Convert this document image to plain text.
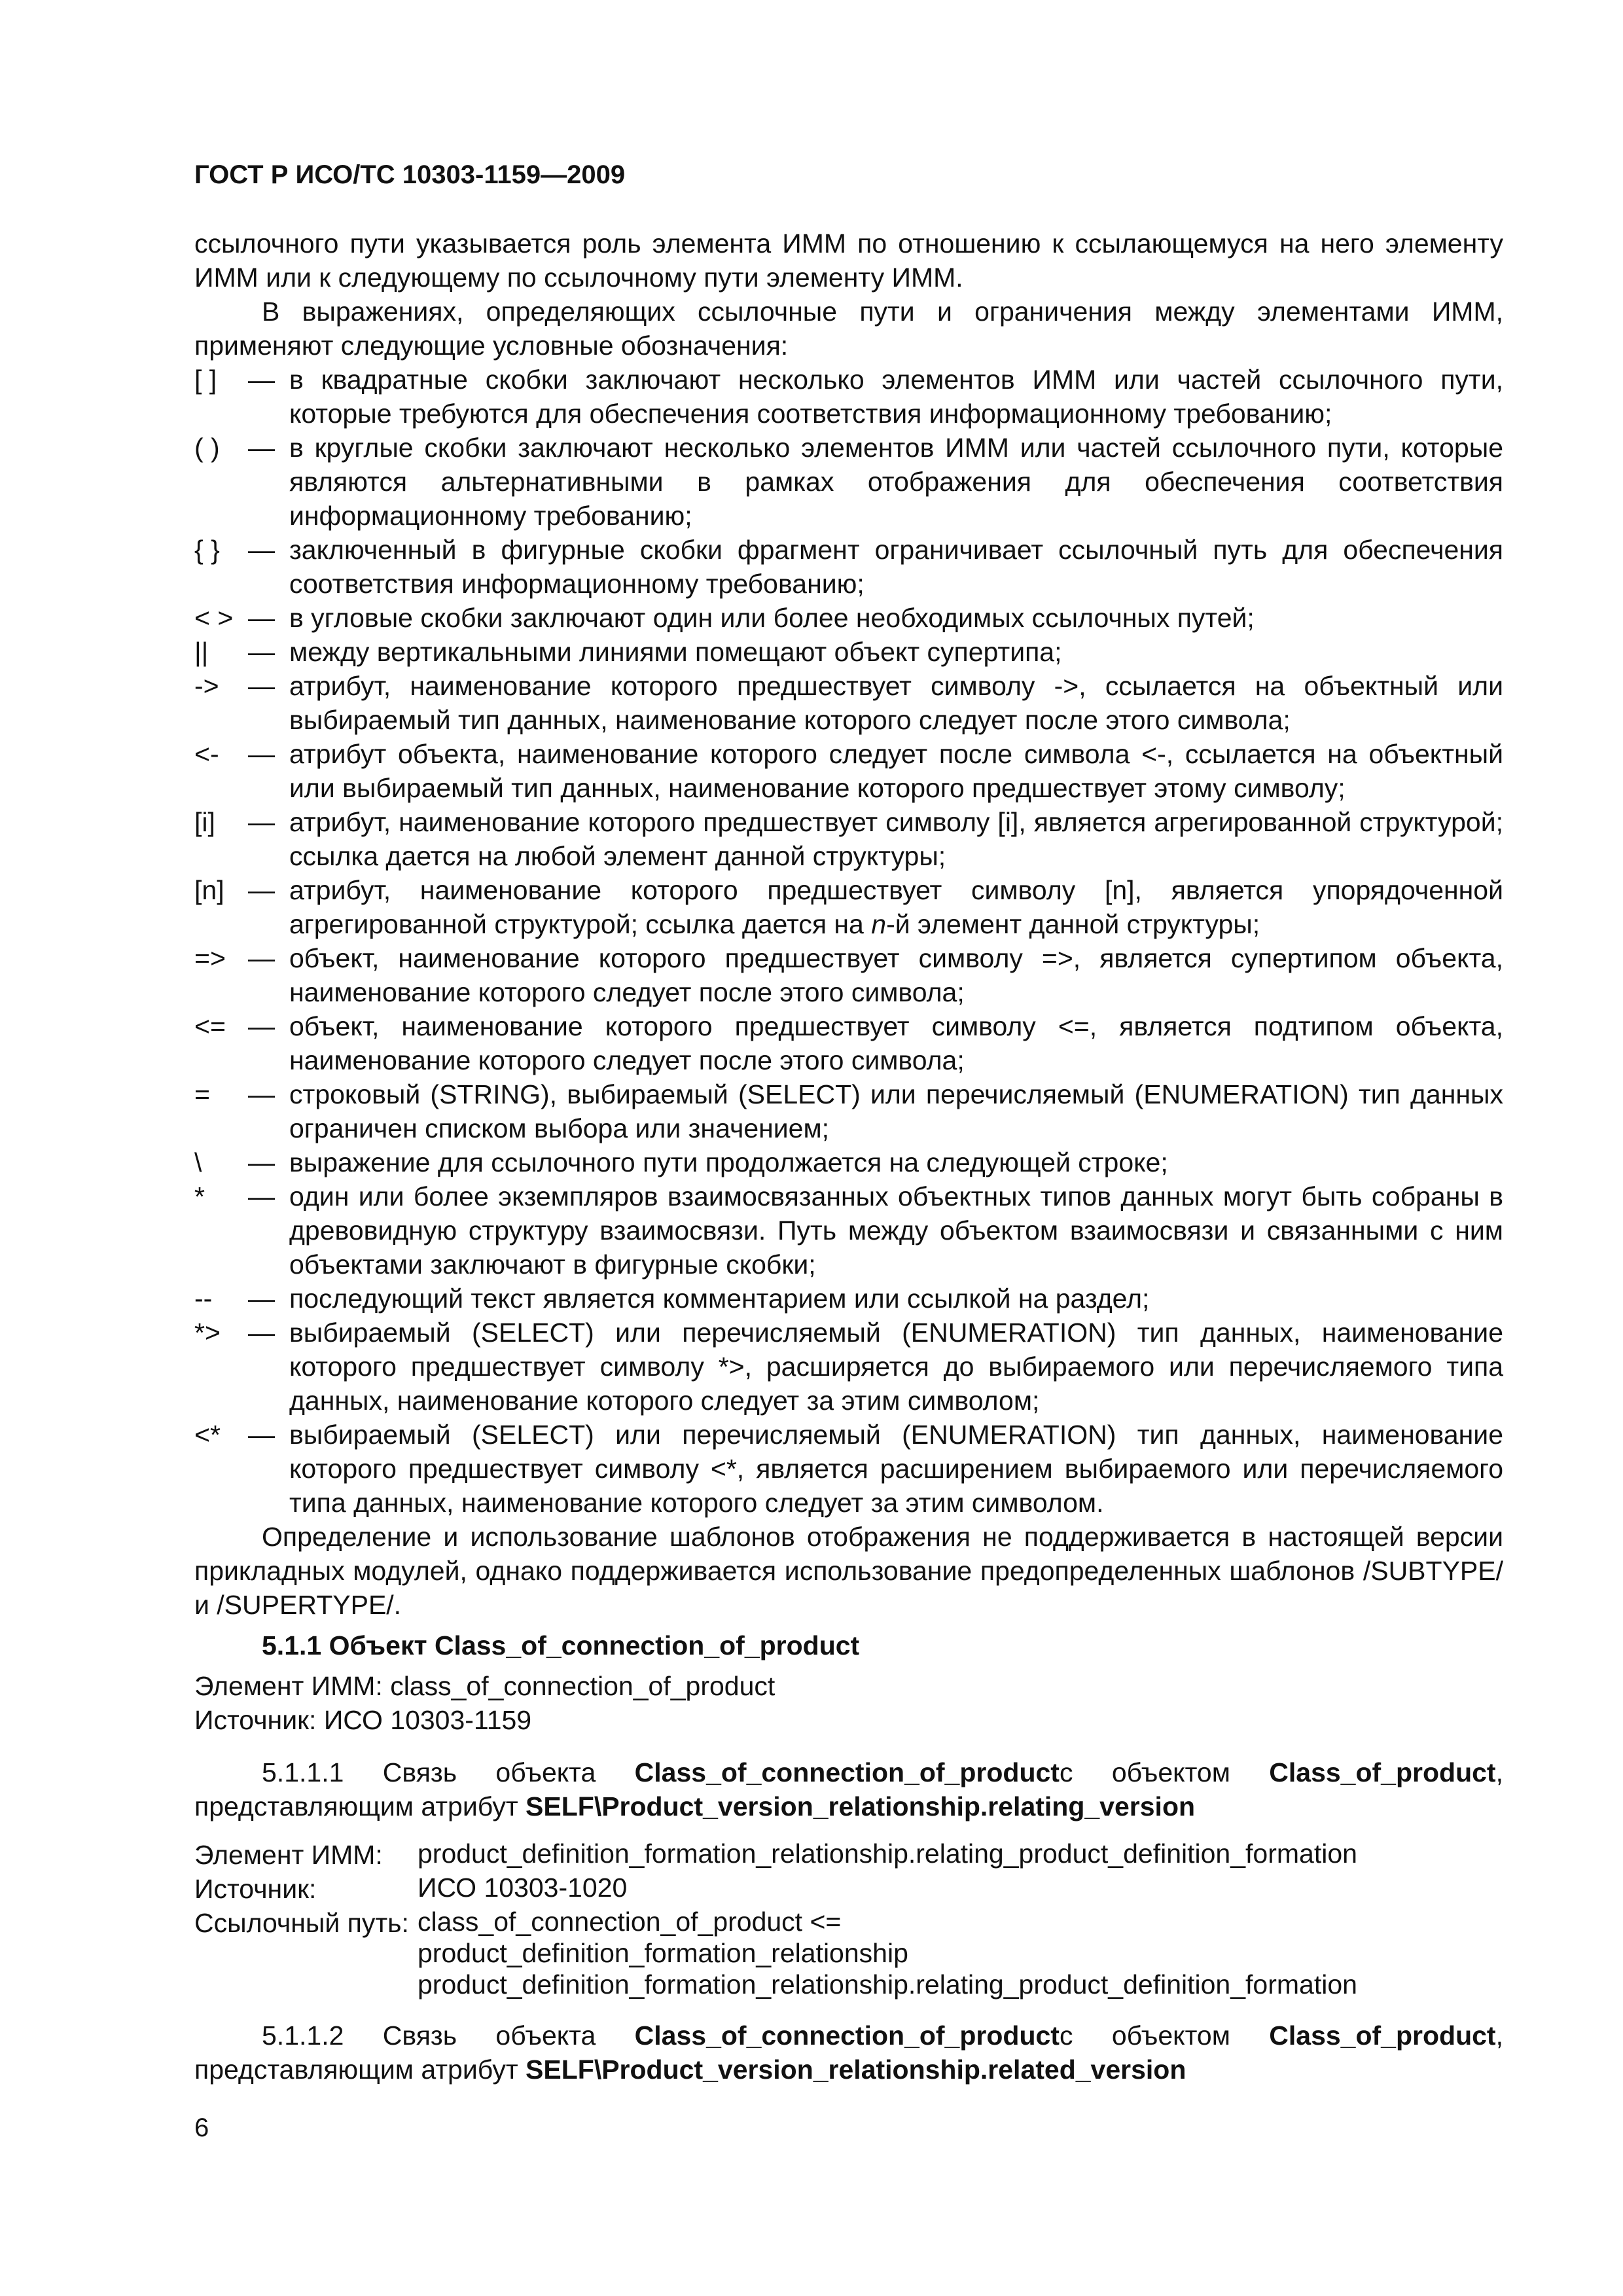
ГОСТ Р ИСО/ТС 10303-1159—2009

ссылочного пути указывается роль элемента ИММ по отношению к ссылающемуся на него элементу ИММ или к следующему по ссылочному пути элементу ИММ.

В выражениях, определяющих ссылочные пути и ограничения между элементами ИММ, применяют следующие условные обозначения:

[ ]	— в квадратные скобки заключают несколько элементов ИММ или частей ссылочного пути, которые требуются для обеспечения соответствия информационному требованию;
( )	— в круглые скобки заключают несколько элементов ИММ или частей ссылочного пути, которые являются альтернативными в рамках отображения для обеспечения соответствия информационному требованию;
{ }	— заключенный в фигурные скобки фрагмент ограничивает ссылочный путь для обеспечения соответствия информационному требованию;
< > — в угловые скобки заключают один или более необходимых ссылочных путей;
||	— между вертикальными линиями помещают объект супертипа;
->	— атрибут, наименование которого предшествует символу ->, ссылается на объектный или выбираемый тип данных, наименование которого следует после этого символа;
<-	— атрибут объекта, наименование которого следует после символа <-, ссылается на объектный или выбираемый тип данных, наименование которого предшествует этому символу;
[i]	— атрибут, наименование которого предшествует символу [i], является агрегированной структурой; ссылка дается на любой элемент данной структуры;
[n] — атрибут, наименование которого предшествует символу [n], является упорядоченной агрегированной структурой; ссылка дается на n-й элемент данной структуры;
=> — объект, наименование которого предшествует символу =>, является супертипом объекта, наименование которого следует после этого символа;
<= — объект, наименование которого предшествует символу <=, является подтипом объекта, наименование которого следует после этого символа;
=	— строковый (STRING), выбираемый (SELECT) или перечисляемый (ENUMERATION) тип данных ограничен списком выбора или значением;
\	— выражение для ссылочного пути продолжается на следующей строке;
*	— один или более экземпляров взаимосвязанных объектных типов данных могут быть собраны в древовидную структуру взаимосвязи. Путь между объектом взаимосвязи и связанными с ним объектами заключают в фигурные скобки;
--	— последующий текст является комментарием или ссылкой на раздел;
*>	— выбираемый (SELECT) или перечисляемый (ENUMERATION) тип данных, наименование которого предшествует символу *>, расширяется до выбираемого или перечисляемого типа данных, наименование которого следует за этим символом;
<*	— выбираемый (SELECT) или перечисляемый (ENUMERATION) тип данных, наименование которого предшествует символу <*, является расширением выбираемого или перечисляемого типа данных, наименование которого следует за этим символом.

Определение и использование шаблонов отображения не поддерживается в настоящей версии прикладных модулей, однако поддерживается использование предопределенных шаблонов /SUBTYPE/ и /SUPERTYPE/.

5.1.1 Объект Class_of_connection_of_product
Элемент ИММ: class_of_connection_of_product
Источник: ИСО 10303-1159

5.1.1.1 Связь объекта Class_of_connection_of_productс объектом Class_of_product, представляющим атрибут SELF\Product_version_relationship.relating_version

Элемент ИММ:	product_definition_formation_relationship.relating_product_definition_formation
Источник:	ИСО 10303-1020
Ссылочный путь: class_of_connection_of_product <=
product_definition_formation_relationship
product_definition_formation_relationship.relating_product_definition_formation

5.1.1.2 Связь объекта Class_of_connection_of_productс объектом Class_of_product, представляющим атрибут SELF\Product_version_relationship.related_version

6
